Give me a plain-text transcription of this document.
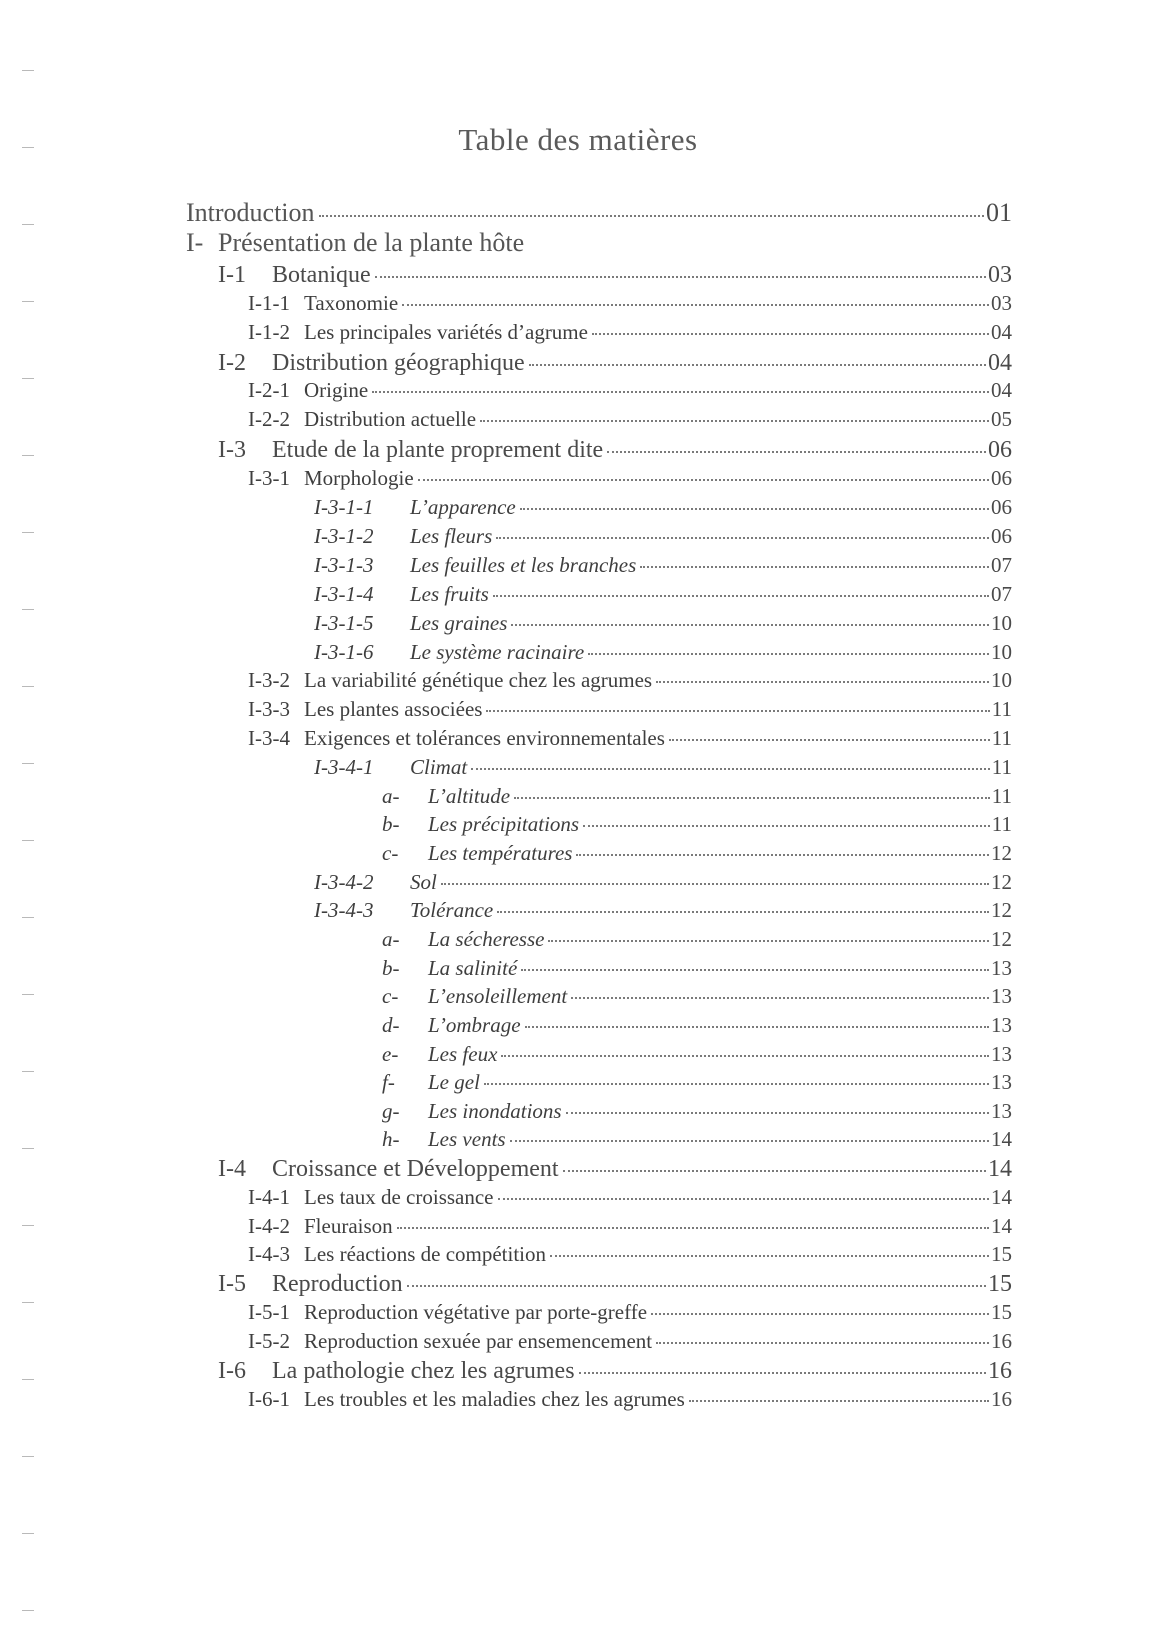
Table des matières
Introduction	01
I- Présentation de la plante hôte
I-1	Botanique	03
I-1-1 Taxonomie	03
I-1-2 Les principales variétés d’agrume	04
I-2	Distribution géographique	04
I-2-1 Origine	04
I-2-2 Distribution actuelle	05
I-3	Etude de la plante proprement dite	06
I-3-1 Morphologie	06
I-3-1-1	L’apparence	06
I-3-1-2	Les fleurs	06
I-3-1-3	Les feuilles et les branches	07
I-3-1-4	Les fruits	07
I-3-1-5	Les graines	10
I-3-1-6	Le système racinaire	10
I-3-2 La variabilité génétique chez les agrumes	10
I-3-3 Les plantes associées	11
I-3-4 Exigences et tolérances environnementales	11
I-3-4-1	Climat	11
a-	L’altitude	11
b-	Les précipitations	11
c-	Les températures	12
I-3-4-2	Sol	12
I-3-4-3	Tolérance	12
a-	La sécheresse	12
b-	La salinité	13
c-	L’ensoleillement	13
d-	L’ombrage	13
e-	Les feux	13
f-	Le gel	13
g-	Les inondations	13
h-	Les vents	14
I-4	Croissance et Développement	14
I-4-1 Les taux de croissance	14
I-4-2 Fleuraison	14
I-4-3 Les réactions de compétition	15
I-5	Reproduction	15
I-5-1 Reproduction végétative par porte-greffe	15
I-5-2 Reproduction sexuée par ensemencement	16
I-6	La pathologie chez les agrumes	16
I-6-1 Les troubles et les maladies chez les agrumes	16
